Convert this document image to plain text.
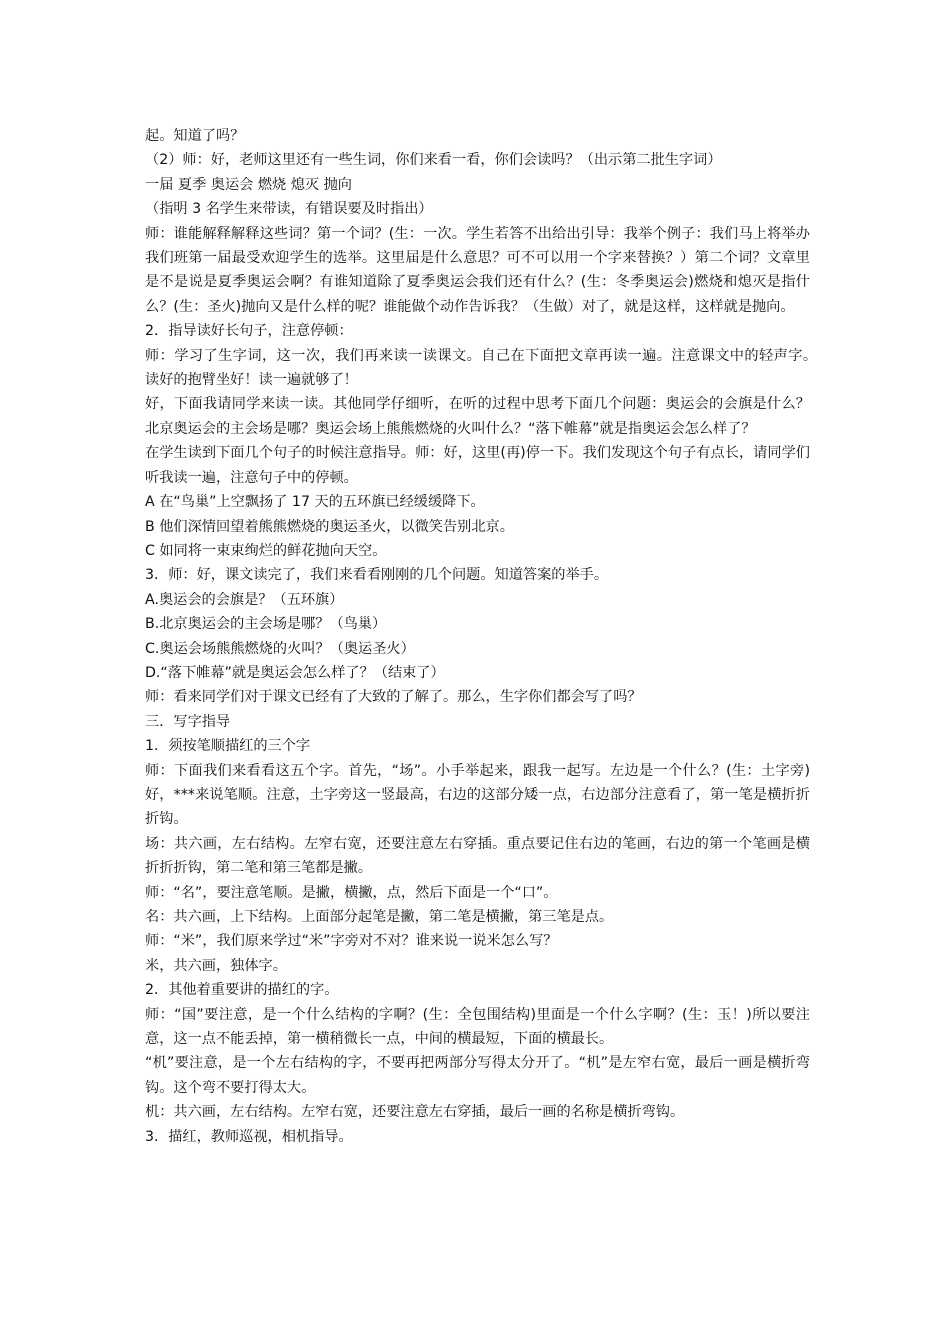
起。知道了吗？

（2）师：好，老师这里还有一些生词，你们来看一看，你们会读吗？（出示第二批生字词）

一届 夏季 奥运会 燃烧 熄灭 抛向

（指明 3 名学生来带读，有错误要及时指出）

师：谁能解释解释这些词？第一个词？(生：一次。学生若答不出给出引导：我举个例子：我们马上将举办我们班第一届最受欢迎学生的选举。这里届是什么意思？可不可以用一个字来替换？）第二个词？文章里是不是说是夏季奥运会啊？有谁知道除了夏季奥运会我们还有什么？(生：冬季奥运会)燃烧和熄灭是指什么？(生：圣火)抛向又是什么样的呢？谁能做个动作告诉我？（生做）对了，就是这样，这样就是抛向。

2．指导读好长句子，注意停顿：

师：学习了生字词，这一次，我们再来读一读课文。自己在下面把文章再读一遍。注意课文中的轻声字。　读好的抱臂坐好！读一遍就够了！

好，下面我请同学来读一读。其他同学仔细听，在听的过程中思考下面几个问题：奥运会的会旗是什么？北京奥运会的主会场是哪？奥运会场上熊熊燃烧的火叫什么？“落下帷幕”就是指奥运会怎么样了？

在学生读到下面几个句子的时候注意指导。师：好，这里(再)停一下。我们发现这个句子有点长，请同学们听我读一遍，注意句子中的停顿。

A 在“鸟巢”上空飘扬了 17 天的五环旗已经缓缓降下。

B 他们深情回望着熊熊燃烧的奥运圣火，以微笑告别北京。

C 如同将一束束绚烂的鲜花抛向天空。

3．师：好，课文读完了，我们来看看刚刚的几个问题。知道答案的举手。

A.奥运会的会旗是？（五环旗）

B.北京奥运会的主会场是哪？（鸟巢）

C.奥运会场熊熊燃烧的火叫？（奥运圣火）

D.“落下帷幕”就是奥运会怎么样了？（结束了）

师：看来同学们对于课文已经有了大致的了解了。那么，生字你们都会写了吗？

三．写字指导

1．须按笔顺描红的三个字

师：下面我们来看看这五个字。首先，“场”。小手举起来，跟我一起写。左边是一个什么？(生：土字旁)好，***来说笔顺。注意，土字旁这一竖最高，右边的这部分矮一点，右边部分注意看了，第一笔是横折折折钩。

场：共六画，左右结构。左窄右宽，还要注意左右穿插。重点要记住右边的笔画，右边的第一个笔画是横折折折钩，第二笔和第三笔都是撇。

师：“名”，要注意笔顺。是撇，横撇，点，然后下面是一个“口”。

名：共六画，上下结构。上面部分起笔是撇，第二笔是横撇，第三笔是点。

师：“米”，我们原来学过“米”字旁对不对？谁来说一说米怎么写？

米，共六画，独体字。

2．其他着重要讲的描红的字。

师：“国”要注意，是一个什么结构的字啊？(生：全包围结构)里面是一个什么字啊？(生：玉！)所以要注意，这一点不能丢掉，第一横稍微长一点，中间的横最短，下面的横最长。

“机”要注意，是一个左右结构的字，不要再把两部分写得太分开了。“机”是左窄右宽，最后一画是横折弯钩。这个弯不要打得太大。

机：共六画，左右结构。左窄右宽，还要注意左右穿插，最后一画的名称是横折弯钩。

3．描红，教师巡视，相机指导。
